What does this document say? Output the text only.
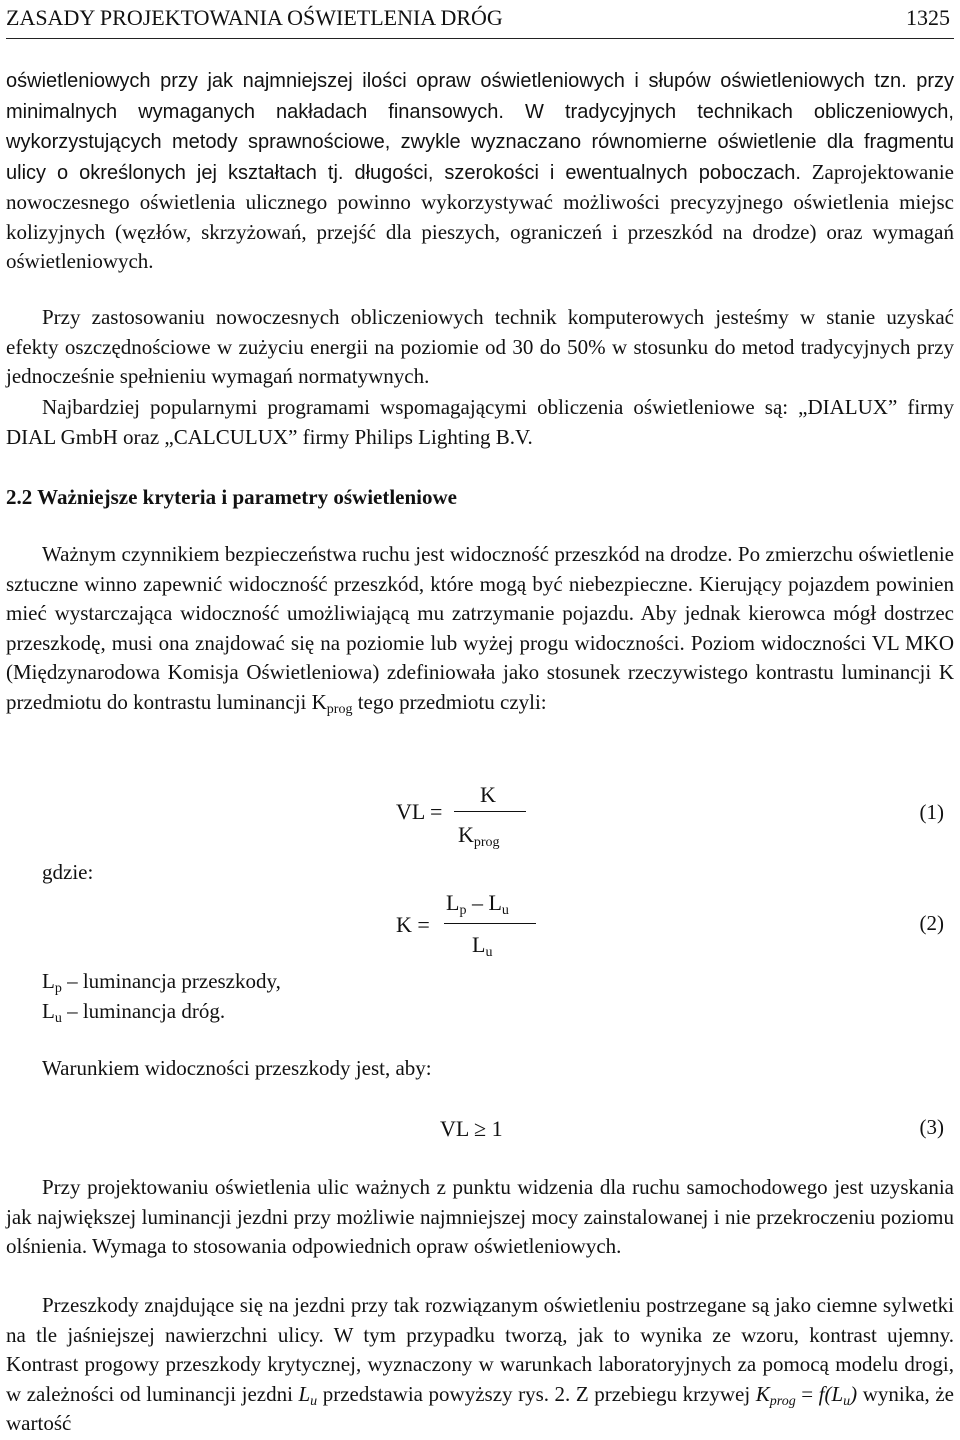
ZASADY PROJEKTOWANIA OŚWIETLENIA DRÓG	1325
oświetleniowych przy jak najmniejszej ilości opraw oświetleniowych i słupów oświetleniowych tzn. przy minimalnych wymaganych nakładach finansowych. W tradycyjnych technikach obliczeniowych, wykorzystujących metody sprawnościowe, zwykle wyznaczano równomierne oświetlenie dla fragmentu ulicy o określonych jej kształtach tj. długości, szerokości i ewentualnych poboczach. Zaprojektowanie nowoczesnego oświetlenia ulicznego powinno wykorzystywać możliwości precyzyjnego oświetlenia miejsc kolizyjnych (węzłów, skrzyżowań, przejść dla pieszych, ograniczeń i przeszkód na drodze) oraz wymagań oświetleniowych.
Przy zastosowaniu nowoczesnych obliczeniowych technik komputerowych jesteśmy w stanie uzyskać efekty oszczędnościowe w zużyciu energii na poziomie od 30 do 50% w stosunku do metod tradycyjnych przy jednocześnie spełnieniu wymagań normatywnych.
Najbardziej popularnymi programami wspomagającymi obliczenia oświetleniowe są: „DIALUX” firmy DIAL GmbH oraz „CALCULUX” firmy Philips Lighting B.V.
2.2 Ważniejsze kryteria i parametry oświetleniowe
Ważnym czynnikiem bezpieczeństwa ruchu jest widoczność przeszkód na drodze. Po zmierzchu oświetlenie sztuczne winno zapewnić widoczność przeszkód, które mogą być niebezpieczne. Kierujący pojazdem powinien mieć wystarczająca widoczność umożliwiającą mu zatrzymanie pojazdu. Aby jednak kierowca mógł dostrzec przeszkodę, musi ona znajdować się na poziomie lub wyżej progu widoczności. Poziom widoczności VL MKO (Międzynarodowa Komisja Oświetleniowa) zdefiniowała jako stosunek rzeczywistego kontrastu luminancji K przedmiotu do kontrastu luminancji $K_{prog}$ tego przedmiotu czyli:
VL =
K
$K_{prog}$
(1)
gdzie:
K =
$L_p - L_u$
$L_u$
(2)
$L_p$ – luminancja przeszkody,
$L_u$ – luminancja dróg.
Warunkiem widoczności przeszkody jest, aby:
VL ≥ 1	(3)
Przy projektowaniu oświetlenia ulic ważnych z punktu widzenia dla ruchu samochodowego jest uzyskania jak największej luminancji jezdni przy możliwie najmniejszej mocy zainstalowanej i nie przekroczeniu poziomu olśnienia. Wymaga to stosowania odpowiednich opraw oświetleniowych.
Przeszkody znajdujące się na jezdni przy tak rozwiązanym oświetleniu postrzegane są jako ciemne sylwetki na tle jaśniejszej nawierzchni ulicy. W tym przypadku tworzą, jak to wynika ze wzoru, kontrast ujemny. Kontrast progowy przeszkody krytycznej, wyznaczony w warunkach laboratoryjnych za pomocą modelu drogi, w zależności od luminancji jezdni $L_u$ przedstawia powyższy rys. 2. Z przebiegu krzywej $K_{prog} = f(L_u)$ wynika, że wartość
